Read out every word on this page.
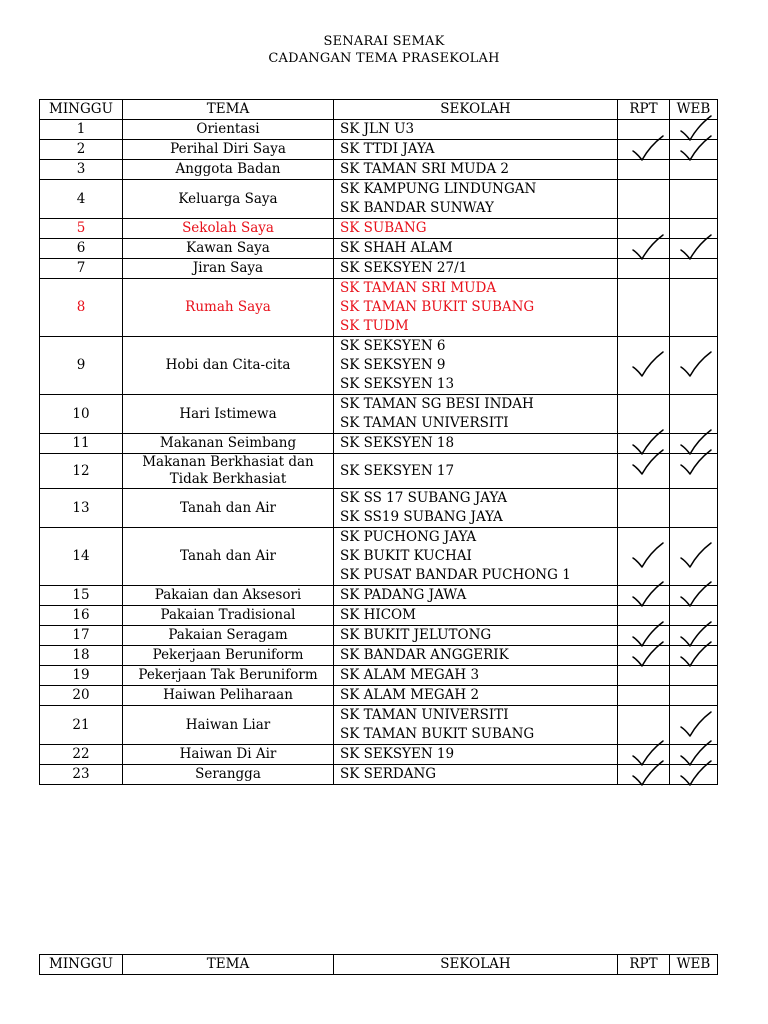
SENARAI SEMAK
CADANGAN TEMA PRASEKOLAH
MINGGU	TEMA	SEKOLAH	RPT	WEB
1	Orientasi	SK JLN U3

2	Perihal Diri Saya	SK TTDI JAYA

3	Anggota Badan	SK TAMAN SRI MUDA 2		

4	Keluarga Saya	SK KAMPUNG LINDUNGAN
SK BANDAR SUNWAY		

5	Sekolah Saya	SK SUBANG		

6	Kawan Saya	SK SHAH ALAM

7	Jiran Saya	SK SEKSYEN 27/1		

8	Rumah Saya	SK TAMAN SRI MUDA
SK TAMAN BUKIT SUBANG
SK TUDM		

9	Hobi dan Cita-cita	SK SEKSYEN 6
SK SEKSYEN 9
SK SEKSYEN 13

10	Hari Istimewa	SK TAMAN SG BESI INDAH
SK TAMAN UNIVERSITI		

11	Makanan Seimbang	SK SEKSYEN 18

12	Makanan Berkhasiat dan Tidak Berkhasiat	SK SEKSYEN 17

13	Tanah dan Air	SK SS 17 SUBANG JAYA
SK SS19 SUBANG JAYA		

14	Tanah dan Air	SK PUCHONG JAYA
SK BUKIT KUCHAI
SK PUSAT BANDAR PUCHONG 1

15	Pakaian dan Aksesori	SK PADANG JAWA

16	Pakaian Tradisional	SK HICOM		

17	Pakaian Seragam	SK BUKIT JELUTONG

18	Pekerjaan Beruniform	SK BANDAR ANGGERIK

19	Pekerjaan Tak Beruniform	SK ALAM MEGAH 3		

20	Haiwan Peliharaan	SK ALAM MEGAH 2		

21	Haiwan Liar	SK TAMAN UNIVERSITI
SK TAMAN BUKIT SUBANG

22	Haiwan Di Air	SK SEKSYEN 19

23	Serangga	SK SERDANG

MINGGU	TEMA	SEKOLAH	RPT	WEB
